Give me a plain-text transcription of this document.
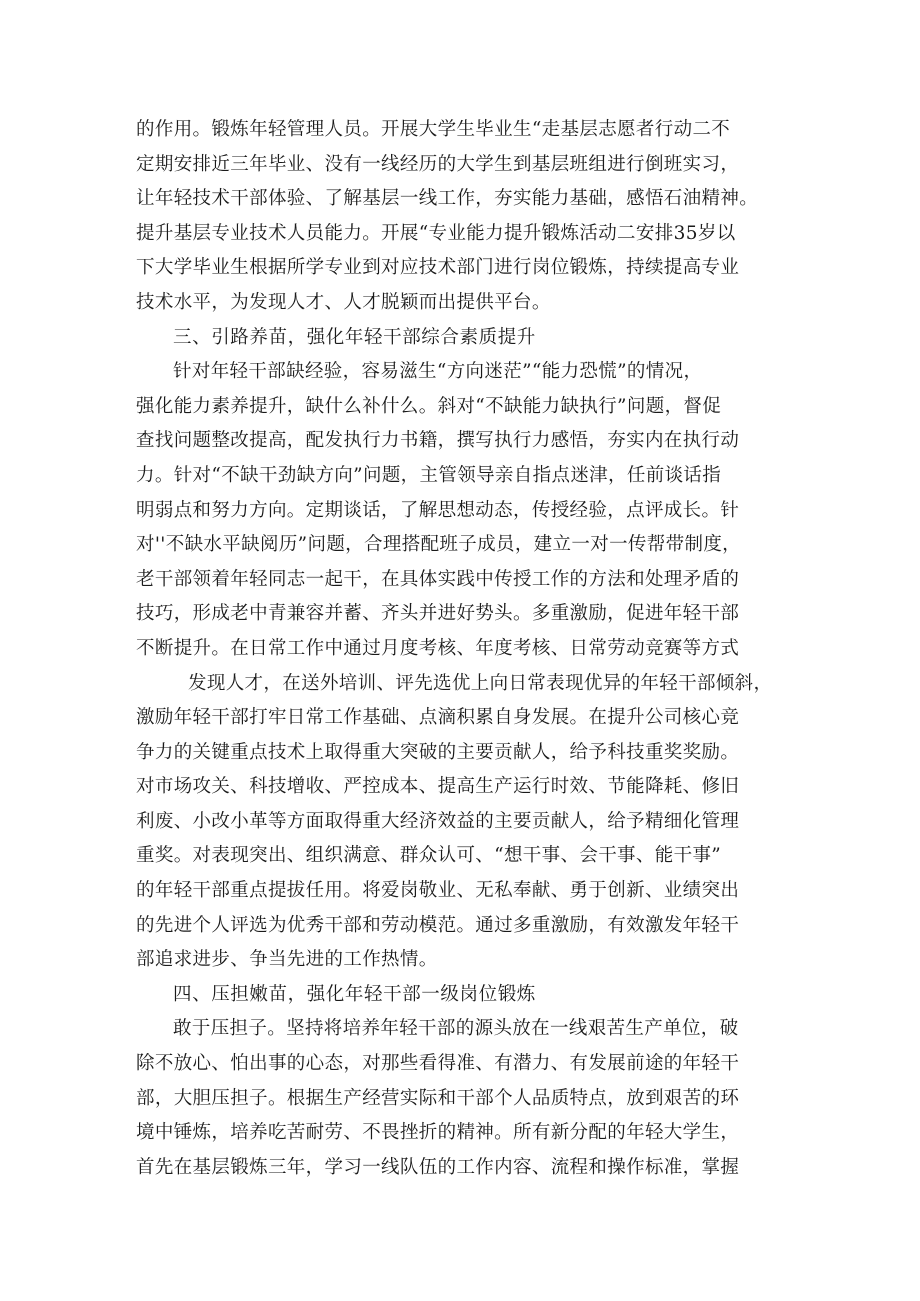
的作用。锻炼年轻管理人员。开展大学生毕业生“走基层志愿者行动二不
定期安排近三年毕业、没有一线经历的大学生到基层班组进行倒班实习，
让年轻技术干部体验、了解基层一线工作，夯实能力基础，感悟石油精神。
提升基层专业技术人员能力。开展“专业能力提升锻炼活动二安排35岁以
下大学毕业生根据所学专业到对应技术部门进行岗位锻炼，持续提高专业
技术水平，为发现人才、人才脱颖而出提供平台。
三、引路养苗，强化年轻干部综合素质提升
针对年轻干部缺经验，容易滋生“方向迷茫”“能力恐慌”的情况，
强化能力素养提升，缺什么补什么。斜对“不缺能力缺执行”问题，督促
查找问题整改提高，配发执行力书籍，撰写执行力感悟，夯实内在执行动
力。针对“不缺干劲缺方向”问题，主管领导亲自指点迷津，任前谈话指
明弱点和努力方向。定期谈话，了解思想动态，传授经验，点评成长。针
对''不缺水平缺阅历”问题，合理搭配班子成员，建立一对一传帮带制度，
老干部领着年轻同志一起干，在具体实践中传授工作的方法和处理矛盾的
技巧，形成老中青兼容并蓄、齐头并进好势头。多重激励，促进年轻干部
不断提升。在日常工作中通过月度考核、年度考核、日常劳动竞赛等方式
发现人才，在送外培训、评先选优上向日常表现优异的年轻干部倾斜，
激励年轻干部打牢日常工作基础、点滴积累自身发展。在提升公司核心竞
争力的关键重点技术上取得重大突破的主要贡献人，给予科技重奖奖励。
对市场攻关、科技增收、严控成本、提高生产运行时效、节能降耗、修旧
利废、小改小革等方面取得重大经济效益的主要贡献人，给予精细化管理
重奖。对表现突出、组织满意、群众认可、“想干事、会干事、能干事”
的年轻干部重点提拔任用。将爱岗敬业、无私奉献、勇于创新、业绩突出
的先进个人评选为优秀干部和劳动模范。通过多重激励，有效激发年轻干
部追求进步、争当先进的工作热情。
四、压担嫩苗，强化年轻干部一级岗位锻炼
敢于压担子。坚持将培养年轻干部的源头放在一线艰苦生产单位，破
除不放心、怕出事的心态，对那些看得准、有潜力、有发展前途的年轻干
部，大胆压担子。根据生产经营实际和干部个人品质特点，放到艰苦的环
境中锤炼，培养吃苦耐劳、不畏挫折的精神。所有新分配的年轻大学生，
首先在基层锻炼三年，学习一线队伍的工作内容、流程和操作标准，掌握
